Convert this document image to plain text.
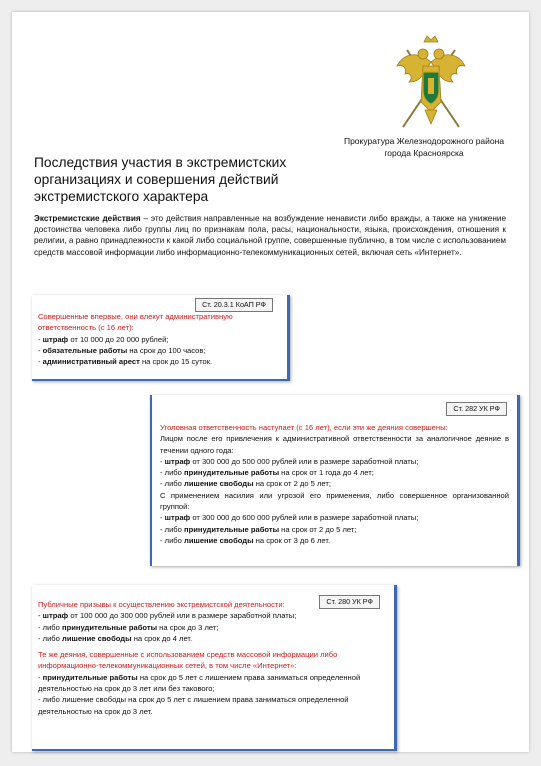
Прокуратура Железнодорожного района
города Красноярска
Последствия участия в экстремистских организациях и совершения действий экстремистского характера

Экстремистские действия – это действия направленные на возбуждение ненависти либо вражды, а также на унижение достоинства человека либо группы лиц по признакам пола, расы, национальности, языка, происхождения, отношения к религии, а равно принадлежности к какой либо социальной группе, совершенные публично, в том числе с использованием средств массовой информации либо информационно-телекоммуникационных сетей, включая сеть «Интернет».

Ст. 20.3.1 КоАП РФ
Совершенные впервые, они влекут административную ответственность (с 16 лет):
- штраф от 10 000 до 20 000 рублей;
- обязательные работы на срок до 100 часов;
- административный арест на срок до 15 суток.
Ст. 282 УК РФ
Уголовная ответственность наступает (с 16 лет), если эти же деяния совершены:
Лицом после его привлечения к административной ответственности за аналогичное деяние в течении одного года:
- штраф от 300 000 до 500 000 рублей или в размере заработной платы;
- либо принудительные работы на срок от 1 года до 4 лет;
- либо лишение свободы на срок от 2 до 5 лет;
С применением насилия или угрозой его применения, либо совершенное организованной группой:
- штраф от 300 000 до 600 000 рублей или в размере заработной платы;
- либо принудительные работы на срок от 2 до 5 лет;
- либо лишение свободы на срок от 3 до 6 лет.
Ст. 280 УК РФ
Публичные призывы к осуществлению экстремистской деятельности:
- штраф от 100 000 до 300 000 рублей или в размере заработной платы;
- либо принудительные работы на срок до 3 лет;
- либо лишение свободы на срок до 4 лет.
Те же деяния, совершенные с использованием средств массовой информации либо информационно-телекоммуникационных сетей, в том числе «Интернет»:
- принудительные работы на срок до 5 лет с лишением права заниматься определенной деятельностью на срок до 3 лет или без такового;
- либо лишение свободы на срок до 5 лет с лишением права заниматься определенной деятельностью на срок до 3 лет.
